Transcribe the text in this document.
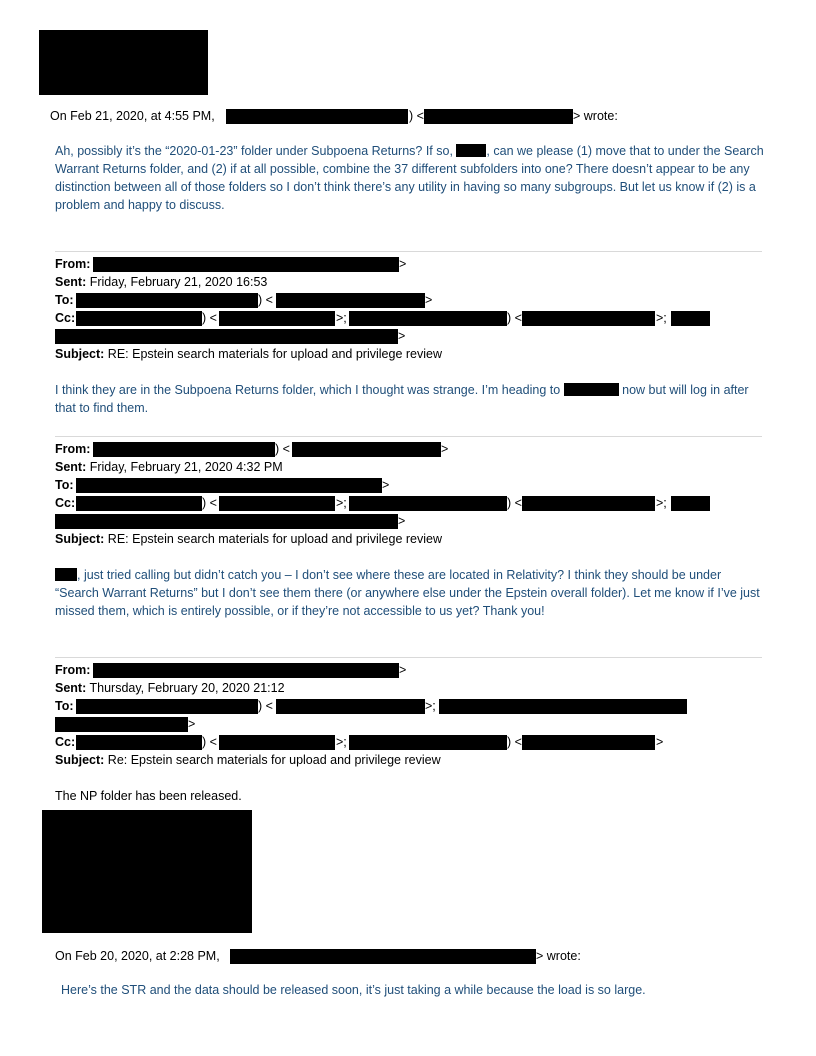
On Feb 21, 2020, at 4:55 PM,	) <	> wrote:
Ah, possibly it’s the “2020-01-23” folder under Subpoena Returns? If so,	, can we please (1) move that to under the Search Warrant Returns folder, and (2) if at all possible, combine the 37 different subfolders into one? There doesn’t appear to be any distinction between all of those folders so I don’t think there’s any utility in having so many subgroups. But let us know if (2) is a problem and happy to discuss.
From:	>
Sent: Friday, February 21, 2020 16:53
To:	) <	>
Cc:	) <	>;	) <	>;
>
Subject: RE: Epstein search materials for upload and privilege review
I think they are in the Subpoena Returns folder, which I thought was strange. I’m heading to	now but will log in after that to find them.
From:	) <	>
Sent: Friday, February 21, 2020 4:32 PM
To:	>
Cc:	) <	>;	) <	>;
>
Subject: RE: Epstein search materials for upload and privilege review
, just tried calling but didn’t catch you – I don’t see where these are located in Relativity? I think they should be under “Search Warrant Returns” but I don’t see them there (or anywhere else under the Epstein overall folder). Let me know if I’ve just missed them, which is entirely possible, or if they’re not accessible to us yet? Thank you!
From:	>
Sent: Thursday, February 20, 2020 21:12
To:	) <	>;
>
Cc:	) <	>;	) <	>
Subject: Re: Epstein search materials for upload and privilege review
The NP folder has been released.
On Feb 20, 2020, at 2:28 PM,	> wrote:
Here’s the STR and the data should be released soon, it’s just taking a while because the load is so large.
